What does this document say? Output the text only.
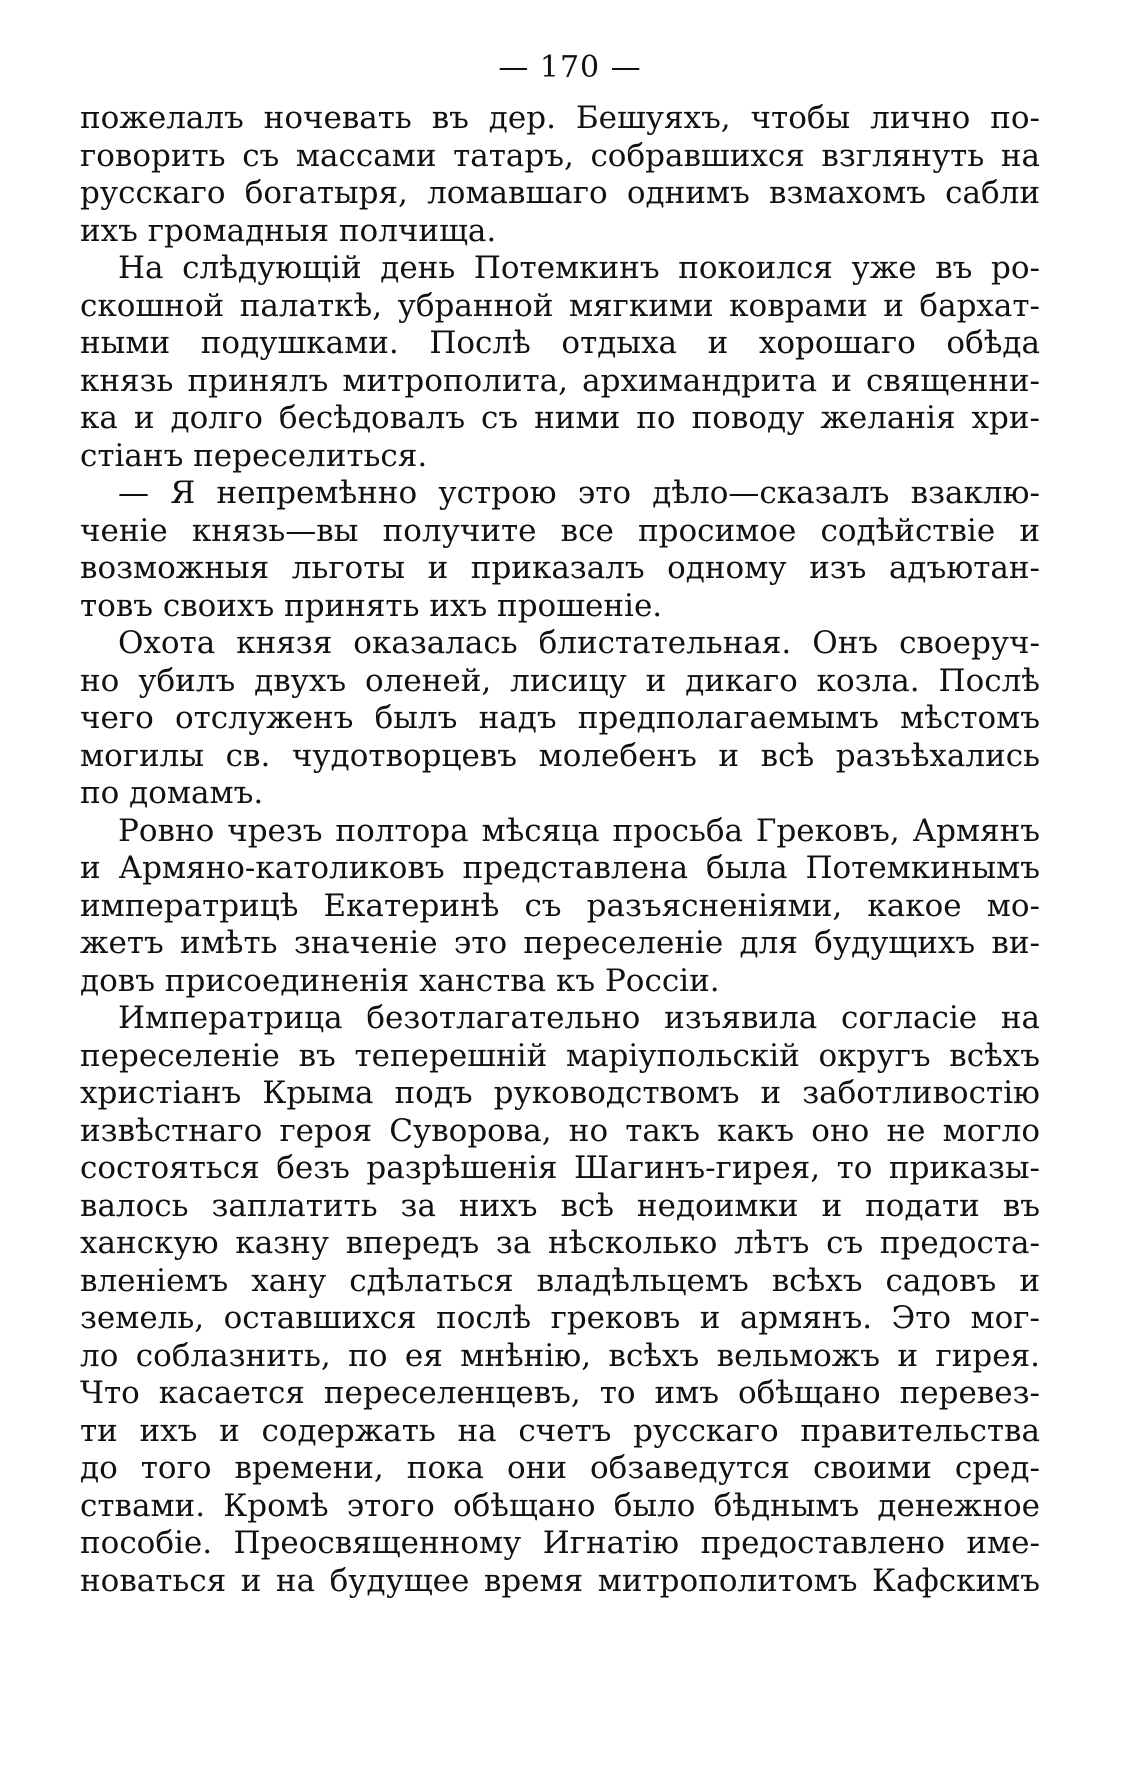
— 170 —

пожелалъ ночевать въ дер. Бешуяхъ, чтобы лично по-
говорить съ массами татаръ, собравшихся взглянуть на
русскаго богатыря, ломавшаго однимъ взмахомъ сабли
ихъ громадныя полчища.

На слѣдующій день Потемкинъ покоился уже въ ро-
скошной палаткѣ, убранной мягкими коврами и бархат-
ными подушками. Послѣ отдыха и хорошаго обѣда
князь принялъ митрополита, архимандрита и священни-
ка и долго бесѣдовалъ съ ними по поводу желанія хри-
стіанъ переселиться.

— Я непремѣнно устрою это дѣло—сказалъ взаклю-
ченіе князь—вы получите все просимое содѣйствіе и
возможныя льготы и приказалъ одному изъ адъютан-
товъ своихъ принять ихъ прошеніе.

Охота князя оказалась блистательная. Онъ своеруч-
но убилъ двухъ оленей, лисицу и дикаго козла. Послѣ
чего отслуженъ былъ надъ предполагаемымъ мѣстомъ
могилы св. чудотворцевъ молебенъ и всѣ разъѣхались
по домамъ.

Ровно чрезъ полтора мѣсяца просьба Грековъ, Армянъ
и Армяно-католиковъ представлена была Потемкинымъ
императрицѣ Екатеринѣ съ разъясненіями, какое мо-
жетъ имѣть значеніе это переселеніе для будущихъ ви-
довъ присоединенія ханства къ Россіи.

Императрица безотлагательно изъявила согласіе на
переселеніе въ теперешній маріупольскій округъ всѣхъ
христіанъ Крыма подъ руководствомъ и заботливостію
извѣстнаго героя Суворова, но такъ какъ оно не могло
состояться безъ разрѣшенія Шагинъ-гирея, то приказы-
валось заплатить за нихъ всѣ недоимки и подати въ
ханскую казну впередъ за нѣсколько лѣтъ съ предоста-
вленіемъ хану сдѣлаться владѣльцемъ всѣхъ садовъ и
земель, оставшихся послѣ грековъ и армянъ. Это мог-
ло соблазнить, по ея мнѣнію, всѣхъ вельможъ и гирея.
Что касается переселенцевъ, то имъ обѣщано перевез-
ти ихъ и содержать на счетъ русскаго правительства
до того времени, пока они обзаведутся своими сред-
ствами. Кромѣ этого обѣщано было бѣднымъ денежное
пособіе. Преосвященному Игнатію предоставлено име-
новаться и на будущее время митрополитомъ Кафскимъ
